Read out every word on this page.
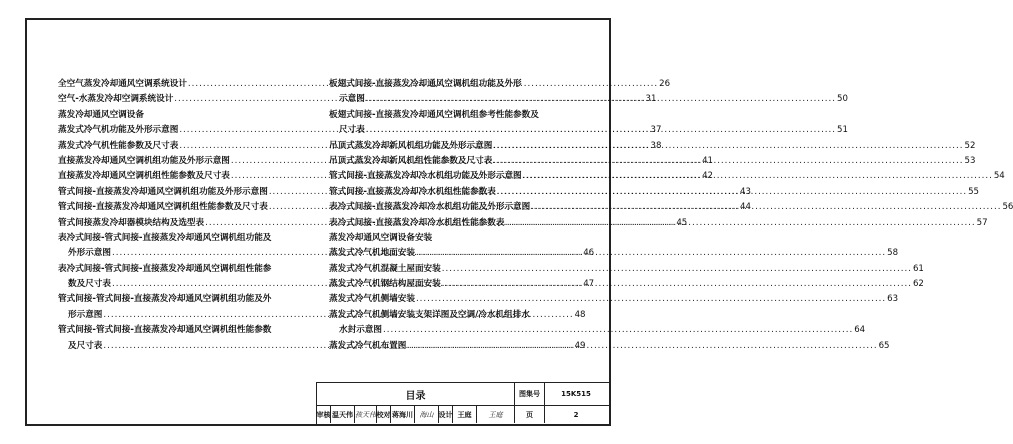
全空气蒸发冷却通风空调系统设计 .....	26
空气-水蒸发冷却空调系统设计 .....	31
蒸发冷却通风空调设备
蒸发式冷气机功能及外形示意图 .....	37
蒸发式冷气机性能参数及尺寸表 .....	38
直接蒸发冷却通风空调机组功能及外形示意图 .....	41
直接蒸发冷却通风空调机组性能参数及尺寸表 .....	42
管式间接-直接蒸发冷却通风空调机组功能及外形示意图 .....	43
管式间接-直接蒸发冷却通风空调机组性能参数及尺寸表 .....	44
管式间接蒸发冷却器模块结构及选型表 .....	45
表冷式间接-管式间接-直接蒸发冷却通风空调机组功能及
外形示意图 .....	46
表冷式间接-管式间接-直接蒸发冷却通风空调机组性能参
数及尺寸表 .....	47
管式间接-管式间接-直接蒸发冷却通风空调机组功能及外
形示意图 .....	48
管式间接-管式间接-直接蒸发冷却通风空调机组性能参数
及尺寸表 .....	49
板翅式间接-直接蒸发冷却通风空调机组功能及外形
示意图 .....	50
板翅式间接-直接蒸发冷却通风空调机组参考性能参数及
尺寸表 .....	51
吊顶式蒸发冷却新风机组功能及外形示意图 .....	52
吊顶式蒸发冷却新风机组性能参数及尺寸表 .....	53
管式间接-直接蒸发冷却冷水机组功能及外形示意图 .....	54
管式间接-直接蒸发冷却冷水机组性能参数表 .....	55
表冷式间接-直接蒸发冷却冷水机组功能及外形示意图 .....	56
表冷式间接-直接蒸发冷却冷水机组性能参数表 .....	57
蒸发冷却通风空调设备安装
蒸发式冷气机地面安装 .....	58
蒸发式冷气机混凝土屋面安装 .....	61
蒸发式冷气机钢结构屋面安装 .....	62
蒸发式冷气机侧墙安装 .....	63
蒸发式冷气机侧墙安装支架详图及空调/冷水机组排水
水封示意图 .....	64
蒸发式冷气机布置图 .....	65
目录	图集号	15K515
审核 温天伟 孩天伟 校对 蒋海川 海山 设计 王庭	王庭	页	2
